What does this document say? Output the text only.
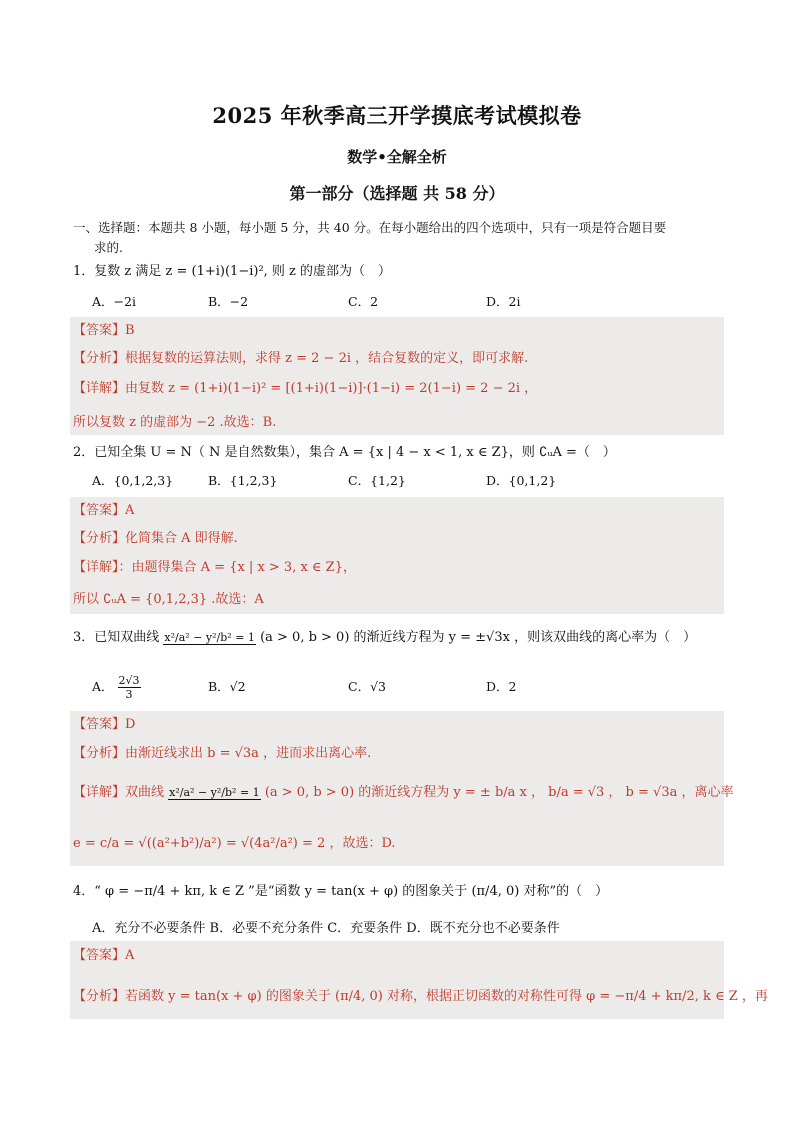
2025 年秋季高三开学摸底考试模拟卷
数学•全解全析
第一部分（选择题 共 58 分）
一、选择题：本题共 8 小题，每小题 5 分，共 40 分。在每小题给出的四个选项中，只有一项是符合题目要
求的.
1．复数 z 满足 z = (1+i)(1−i)², 则 z 的虚部为（　）
A．−2i	B．−2	C．2	D．2i
【答案】B
【分析】根据复数的运算法则，求得 z = 2 − 2i ，结合复数的定义，即可求解.
【详解】由复数 z = (1+i)(1−i)² = [(1+i)(1−i)]·(1−i) = 2(1−i) = 2 − 2i ，
所以复数 z 的虚部为 −2 .故选：B.
2．已知全集 U = N（ N 是自然数集），集合 A = {x | 4 − x < 1, x ∈ Z}，则 ∁ᵤA =（　）
A．{0,1,2,3}	B．{1,2,3}	C．{1,2}	D．{0,1,2}
【答案】A
【分析】化简集合 A 即得解.
【详解】：由题得集合 A = {x | x > 3, x ∈ Z}，
所以 ∁ᵤA = {0,1,2,3} .故选：A
3．已知双曲线 x²/a² − y²/b² = 1 (a > 0, b > 0) 的渐近线方程为 y = ±√3x ，则该双曲线的离心率为（　）
A． $\frac{2√3}{3}$	B．√2	C．√3	D．2
【答案】D
【分析】由渐近线求出 b = √3a ，进而求出离心率.
【详解】双曲线 x²/a² − y²/b² = 1 (a > 0, b > 0) 的渐近线方程为 y = ± b/a x ， b/a = √3 ， b = √3a ，离心率
e = c/a = √((a²+b²)/a²) = √(4a²/a²) = 2 ，故选：D.
4．“ φ = −π/4 + kπ, k ∈ Z ”是“函数 y = tan(x + φ) 的图象关于 (π/4, 0) 对称”的（　）
A．充分不必要条件 B．必要不充分条件 C．充要条件 D．既不充分也不必要条件
【答案】A
【分析】若函数 y = tan(x + φ) 的图象关于 (π/4, 0) 对称，根据正切函数的对称性可得 φ = −π/4 + kπ/2, k ∈ Z ，再
